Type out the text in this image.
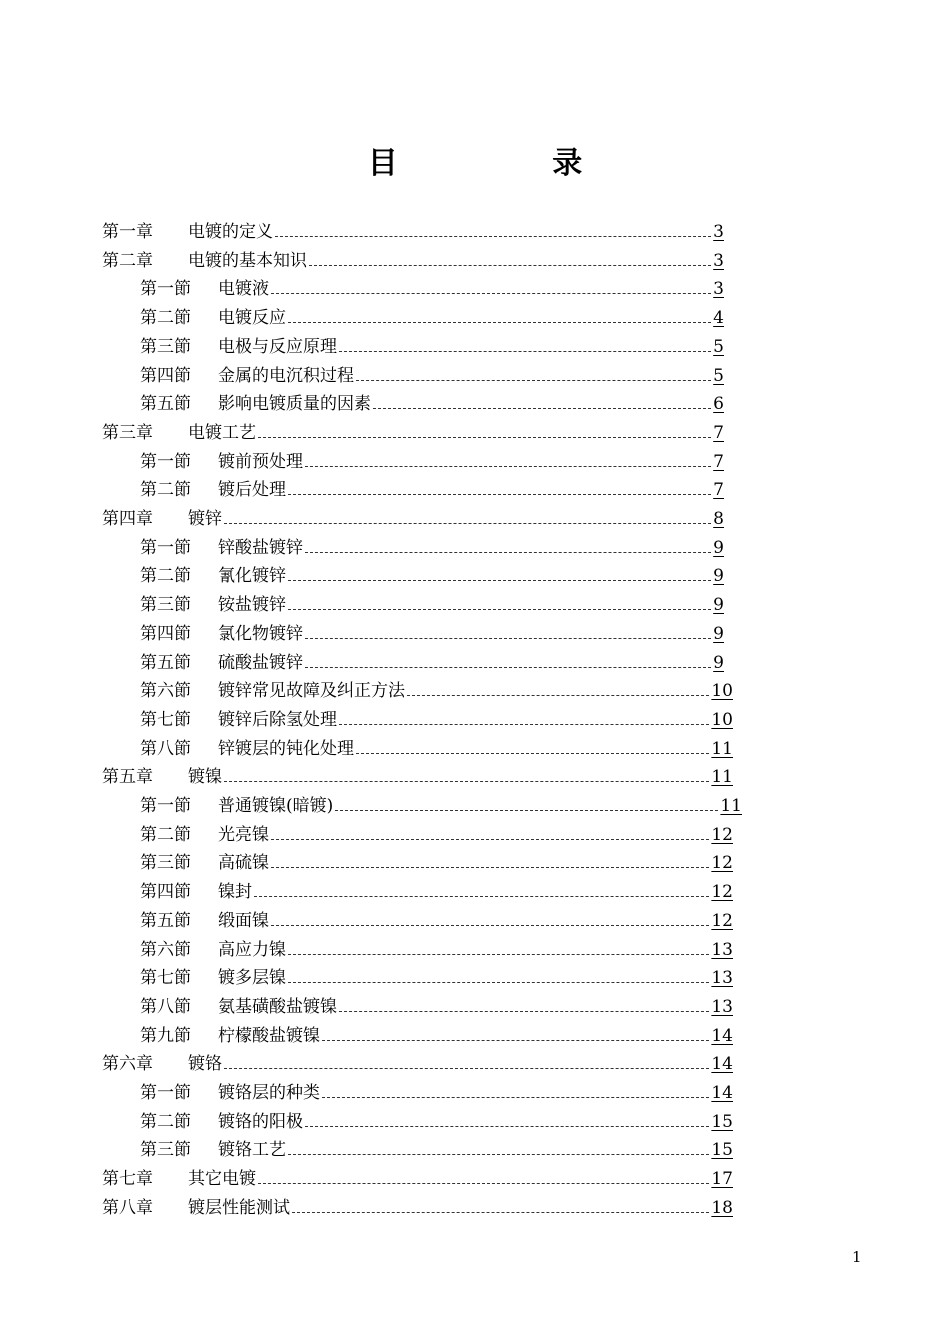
目 录
第一章	电镀的定义	3
第二章	电镀的基本知识	3
第一節	电镀液	3
第二節	电镀反应	4
第三節	电极与反应原理	5
第四節	金属的电沉积过程	5
第五節	影响电镀质量的因素	6
第三章	电镀工艺	7
第一節	镀前预处理	7
第二節	镀后处理	7
第四章	镀锌	8
第一節	锌酸盐镀锌	9
第二節	氰化镀锌	9
第三節	铵盐镀锌	9
第四節	氯化物镀锌	9
第五節	硫酸盐镀锌	9
第六節	镀锌常见故障及纠正方法	10
第七節	镀锌后除氢处理	10
第八節	锌镀层的钝化处理	11
第五章	镀镍	11
第一節	普通镀镍(暗镀)	11
第二節	光亮镍	12
第三節	高硫镍	12
第四節	镍封	12
第五節	缎面镍	12
第六節	高应力镍	13
第七節	镀多层镍	13
第八節	氨基磺酸盐镀镍	13
第九節	柠檬酸盐镀镍	14
第六章	镀铬	14
第一節	镀铬层的种类	14
第二節	镀铬的阳极	15
第三節	镀铬工艺	15
第七章	其它电镀	17
第八章	镀层性能测试	18
1
